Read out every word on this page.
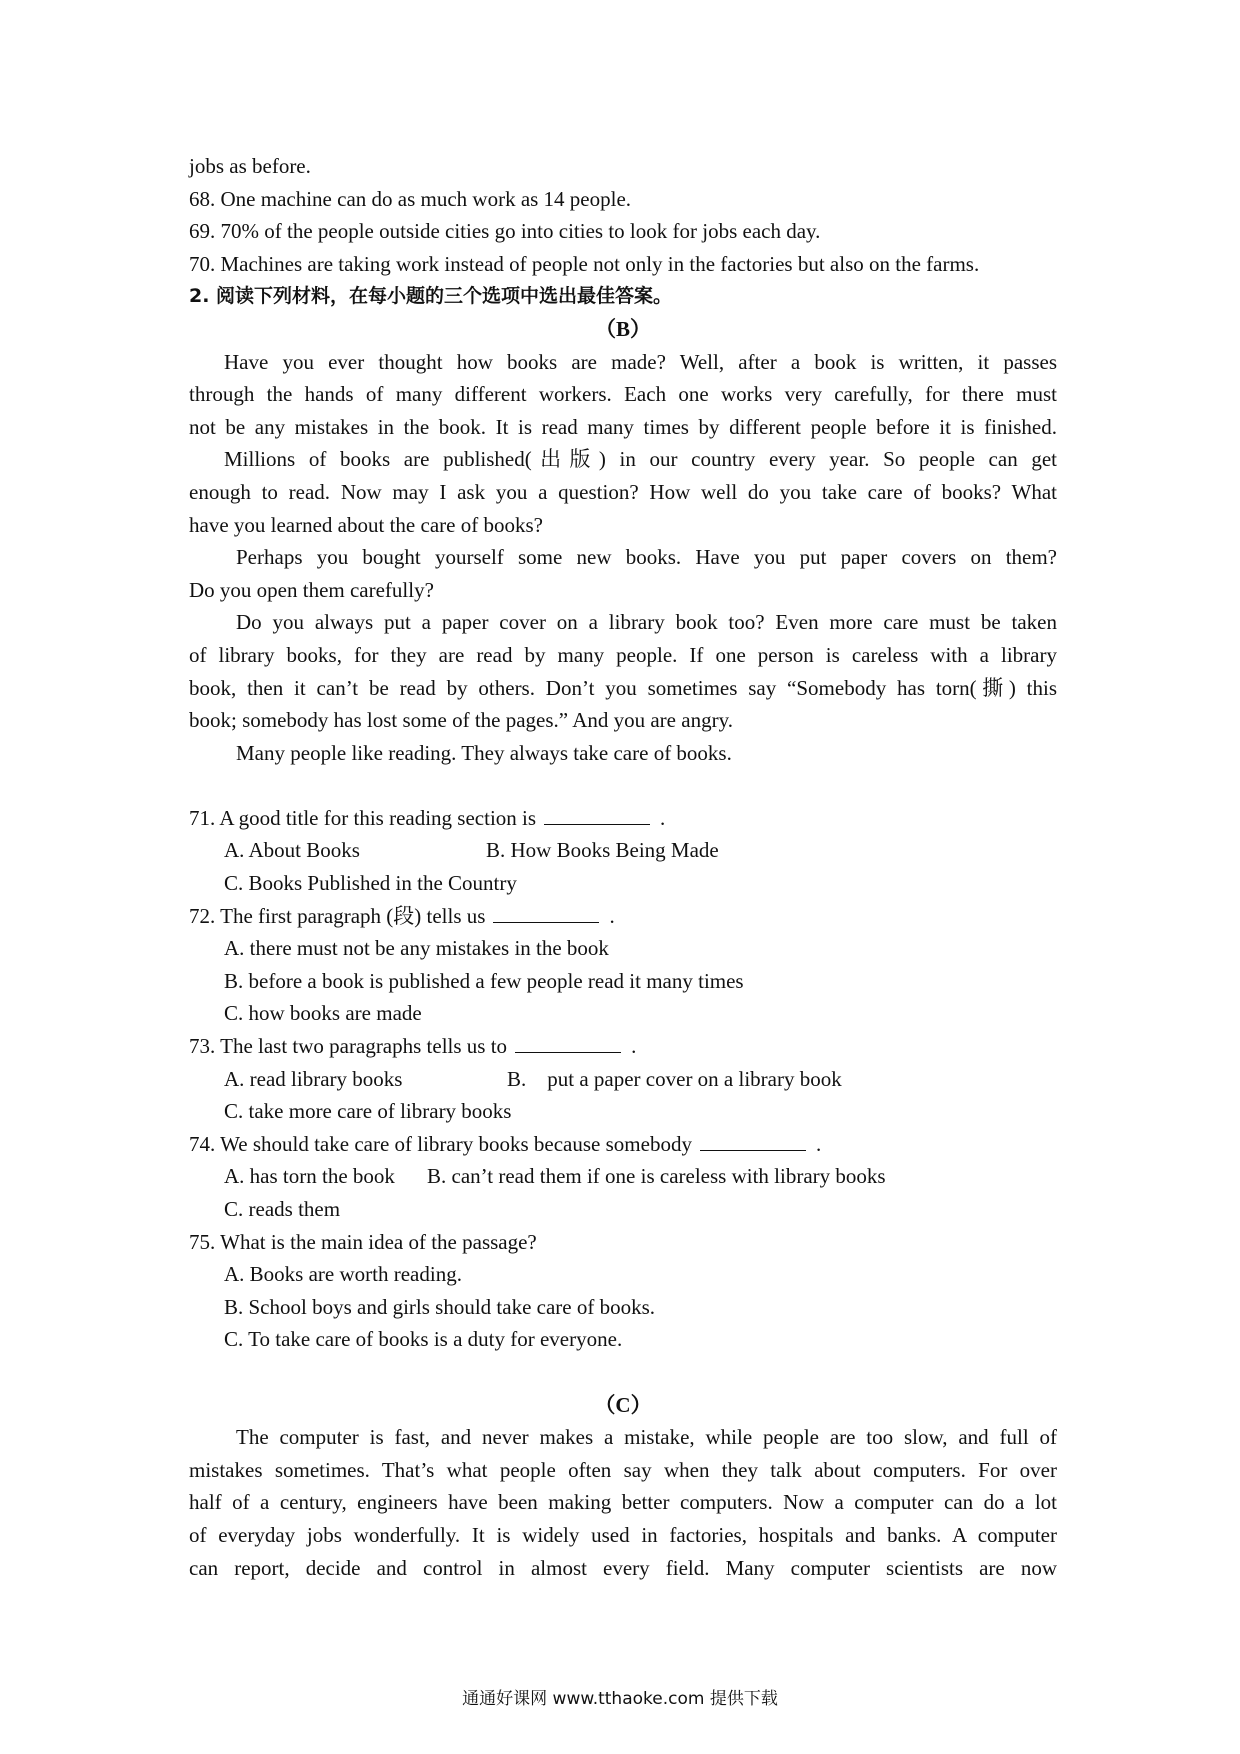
jobs as before.
68. One machine can do as much work as 14 people.
69. 70% of the people outside cities go into cities to look for jobs each day.
70. Machines are taking work instead of people not only in the factories but also on the farms.
2. 阅读下列材料，在每小题的三个选项中选出最佳答案。
（B）
Have you ever thought how books are made? Well, after a book is written, it passes
through the hands of many different workers. Each one works very carefully, for there must
not be any mistakes in the book. It is read many times by different people before it is finished.
Millions of books are published(出版) in our country every year. So people can get
enough to read. Now may I ask you a question? How well do you take care of books? What
have you learned about the care of books?
Perhaps you bought yourself some new books. Have you put paper covers on them?
Do you open them carefully?
Do you always put a paper cover on a library book too? Even more care must be taken
of library books, for they are read by many people. If one person is careless with a library
book, then it can’t be read by others. Don’t you sometimes say “Somebody has torn(撕) this
book; somebody has lost some of the pages.” And you are angry.
Many people like reading. They always take care of books.
71. A good title for this reading section is	.
A. About Books	B. How Books Being Made
C. Books Published in the Country
72. The first paragraph (段) tells us	.
A. there must not be any mistakes in the book
B. before a book is published a few people read it many times
C. how books are made
73. The last two paragraphs tells us to	.
A. read library books	B.    put a paper cover on a library book
C. take more care of library books
74. We should take care of library books because somebody	.
A. has torn the book B. can’t read them if one is careless with library books
C. reads them
75. What is the main idea of the passage?
A. Books are worth reading.
B. School boys and girls should take care of books.
C. To take care of books is a duty for everyone.
（C）
The computer is fast, and never makes a mistake, while people are too slow, and full of
mistakes sometimes. That’s what people often say when they talk about computers. For over
half of a century, engineers have been making better computers. Now a computer can do a lot
of everyday jobs wonderfully. It is widely used in factories, hospitals and banks. A computer
can report, decide and control in almost every field. Many computer scientists are now
通通好课网 www.tthaoke.com 提供下载
